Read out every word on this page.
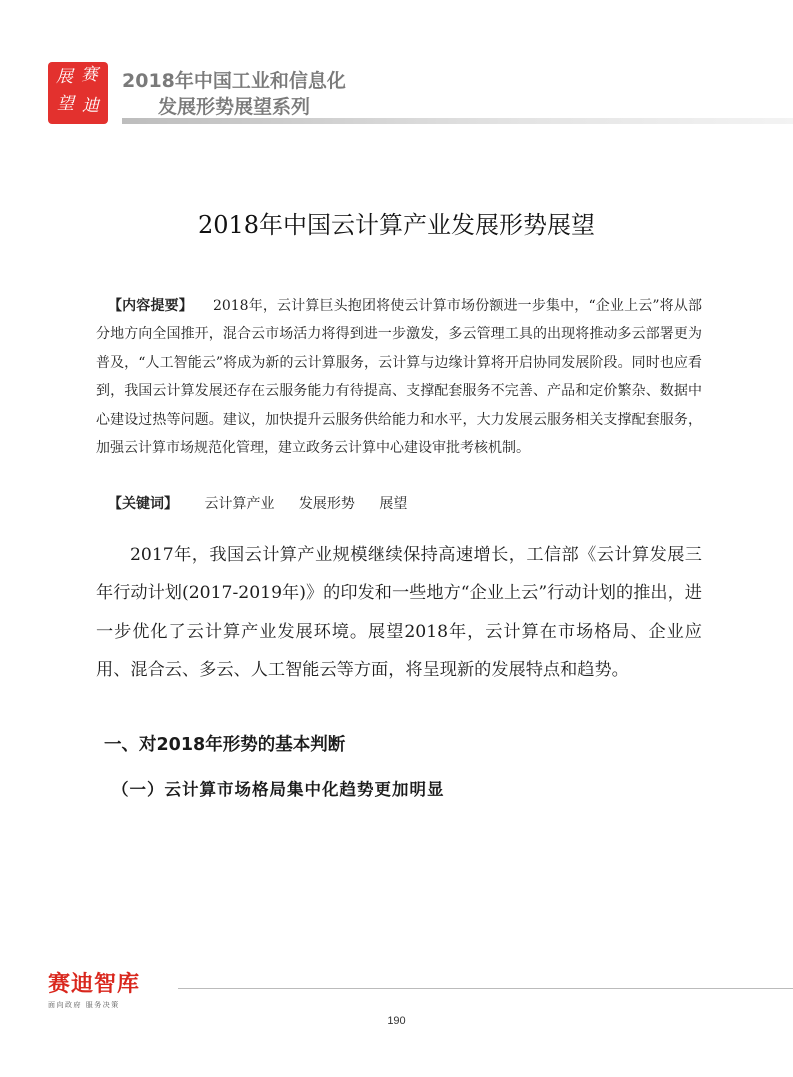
展 赛
望 迪
2018年中国工业和信息化
发展形势展望系列
2018年中国云计算产业发展形势展望
【内容提要】 2018年，云计算巨头抱团将使云计算市场份额进一步集中，“企业上云”将从部分地方向全国推开，混合云市场活力将得到进一步激发，多云管理工具的出现将推动多云部署更为普及，“人工智能云”将成为新的云计算服务，云计算与边缘计算将开启协同发展阶段。同时也应看到，我国云计算发展还存在云服务能力有待提高、支撑配套服务不完善、产品和定价繁杂、数据中心建设过热等问题。建议，加快提升云服务供给能力和水平，大力发展云服务相关支撑配套服务，加强云计算市场规范化管理，建立政务云计算中心建设审批考核机制。
【关键词】 云计算产业 发展形势 展望
2017年，我国云计算产业规模继续保持高速增长，工信部《云计算发展三年行动计划(2017-2019年)》的印发和一些地方“企业上云”行动计划的推出，进一步优化了云计算产业发展环境。展望2018年，云计算在市场格局、企业应用、混合云、多云、人工智能云等方面，将呈现新的发展特点和趋势。
一、对2018年形势的基本判断
（一）云计算市场格局集中化趋势更加明显
赛迪智库
面向政府 服务决策
190
